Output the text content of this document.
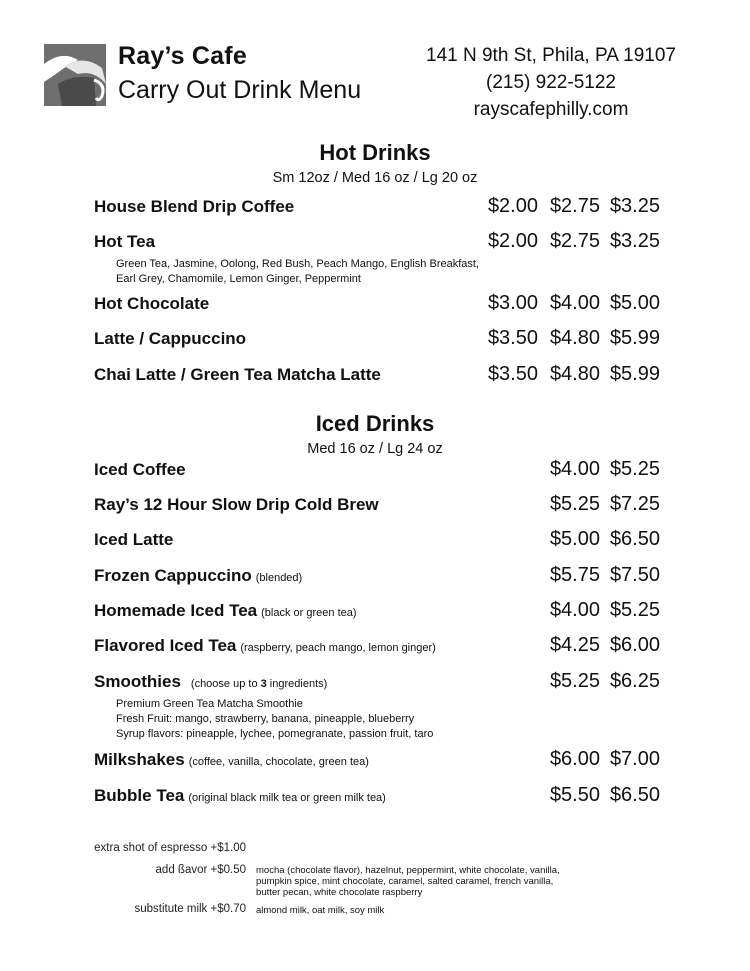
Ray’s Cafe
Carry Out Drink Menu
141 N 9th St, Phila, PA 19107
(215) 922-5122
rayscafephilly.com
Hot Drinks
Sm 12oz / Med 16 oz / Lg 20 oz
House Blend Drip Coffee	$2.00 $2.75 $3.25
Hot Tea	$2.00 $2.75 $3.25
Green Tea, Jasmine, Oolong, Red Bush, Peach Mango, English Breakfast,
Earl Grey, Chamomile, Lemon Ginger, Peppermint
Hot Chocolate	$3.00 $4.00 $5.00
Latte / Cappuccino	$3.50 $4.80 $5.99
Chai Latte / Green Tea Matcha Latte	$3.50 $4.80 $5.99
Iced Drinks
Med 16 oz / Lg 24 oz
Iced Coffee	$4.00 $5.25
Ray’s 12 Hour Slow Drip Cold Brew	$5.25 $7.25
Iced Latte	$5.00 $6.50
Frozen Cappuccino (blended)	$5.75 $7.50
Homemade Iced Tea (black or green tea)	$4.00 $5.25
Flavored Iced Tea (raspberry, peach mango, lemon ginger)	$4.25 $6.00
Smoothies (choose up to 3 ingredients)	$5.25 $6.25
Premium Green Tea Matcha Smoothie
Fresh Fruit: mango, strawberry, banana, pineapple, blueberry
Syrup flavors: pineapple, lychee, pomegranate, passion fruit, taro
Milkshakes (coffee, vanilla, chocolate, green tea)	$6.00 $7.00
Bubble Tea (original black milk tea or green milk tea)	$5.50 $6.50
extra shot of espresso +$1.00
add ßavor +$0.50 mocha (chocolate flavor), hazelnut, peppermint, white chocolate, vanilla,
pumpkin spice, mint chocolate, caramel, salted caramel, french vanilla,
butter pecan, white chocolate raspberry
substitute milk +$0.70 almond milk, oat milk, soy milk
